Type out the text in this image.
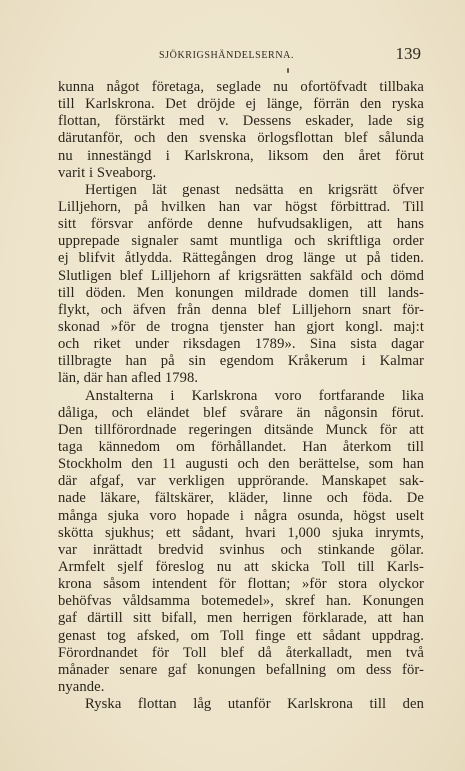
SJÖKRIGSHÄNDELSERNA.	139
kunna något företaga, seglade nu ofortöfvadt tillbaka
till Karlskrona. Det dröjde ej länge, förrän den ryska
flottan, förstärkt med v. Dessens eskader, lade sig
därutanför, och den svenska örlogsflottan blef sålunda
nu innestängd i Karlskrona, liksom den året förut
varit i Sveaborg.
Hertigen lät genast nedsätta en krigsrätt öfver
Lilljehorn, på hvilken han var högst förbittrad. Till
sitt försvar anförde denne hufvudsakligen, att hans
upprepade signaler samt muntliga och skriftliga order
ej blifvit åtlydda. Rättegången drog länge ut på tiden.
Slutligen blef Lilljehorn af krigsrätten sakfäld och dömd
till döden. Men konungen mildrade domen till lands-
flykt, och äfven från denna blef Lilljehorn snart för-
skonad »för de trogna tjenster han gjort kongl. maj:t
och riket under riksdagen 1789». Sina sista dagar
tillbragte han på sin egendom Kråkerum i Kalmar
län, där han afled 1798.
Anstalterna i Karlskrona voro fortfarande lika
dåliga, och eländet blef svårare än någonsin förut.
Den tillförordnade regeringen ditsände Munck för att
taga kännedom om förhållandet. Han återkom till
Stockholm den 11 augusti och den berättelse, som han
där afgaf, var verkligen upprörande. Manskapet sak-
nade läkare, fältskärer, kläder, linne och föda. De
många sjuka voro hopade i några osunda, högst uselt
skötta sjukhus; ett sådant, hvari 1,000 sjuka inrymts,
var inrättadt bredvid svinhus och stinkande gölar.
Armfelt sjelf föreslog nu att skicka Toll till Karls-
krona såsom intendent för flottan; »för stora olyckor
behöfvas våldsamma botemedel», skref han. Konungen
gaf därtill sitt bifall, men herrigen förklarade, att han
genast tog afsked, om Toll finge ett sådant uppdrag.
Förordnandet för Toll blef då återkalladt, men två
månader senare gaf konungen befallning om dess för-
nyande.
Ryska flottan låg utanför Karlskrona till den
